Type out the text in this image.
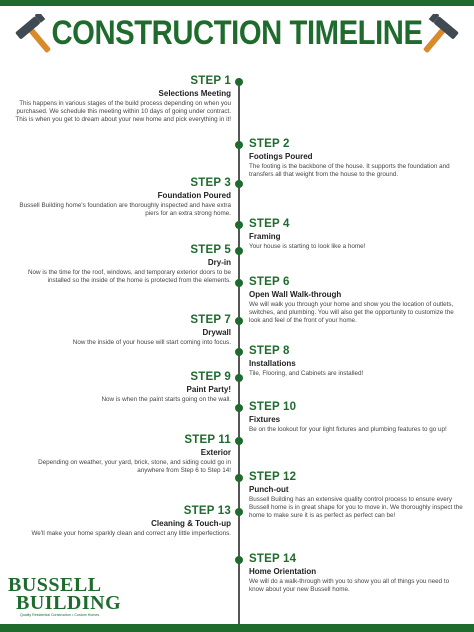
CONSTRUCTION TIMELINE
STEP 1
Selections Meeting
This happens in various stages of the build process depending on when you purchased. We schedule this meeting within 10 days of going under contract. This is when you get to dream about your new home and pick everything in it!
STEP 2
Footings Poured
The footing is the backbone of the house. It supports the foundation and transfers all that weight from the house to the ground.
STEP 3
Foundation Poured
Bussell Building home's foundation are thoroughly inspected and have extra piers for an extra strong home.
STEP 4
Framing
Your house is starting to look like a home!
STEP 5
Dry-in
Now is the time for the roof, windows, and temporary exterior doors to be installed so the inside of the home is protected from the elements. STEP 6
Open Wall Walk-through
We will walk you through your home and show you the location of outlets, switches, and plumbing. You will also get the opportunity to customize the look and feel of the front of your home.
STEP 7
Drywall
Now the inside of your house will start coming into focus.
STEP 8
Installations
Tile, Flooring, and Cabinets are installed!
STEP 9
Paint Party!
Now is when the paint starts going on the wall.
STEP 10
Fixtures
Be on the lookout for your light fixtures and plumbing features to go up!
STEP 11
Exterior
Depending on weather, your yard, brick, stone, and siding could go in anywhere from Step 6 to Step 14!
STEP 12
Punch-out
Bussell Building has an extensive quality control process to ensure every Bussell home is in great shape for you to move in. We thoroughly inspect the home to make sure it is as perfect as perfect can be!
STEP 13
Cleaning & Touch-up
We'll make your home sparkly clean and correct any little imperfections.
STEP 14
Home Orientation
We will do a walk-through with you to show you all of things you need to know about your new Bussell home.
BUSSELL
BUILDING
Quality Residential Construction • Custom Homes
